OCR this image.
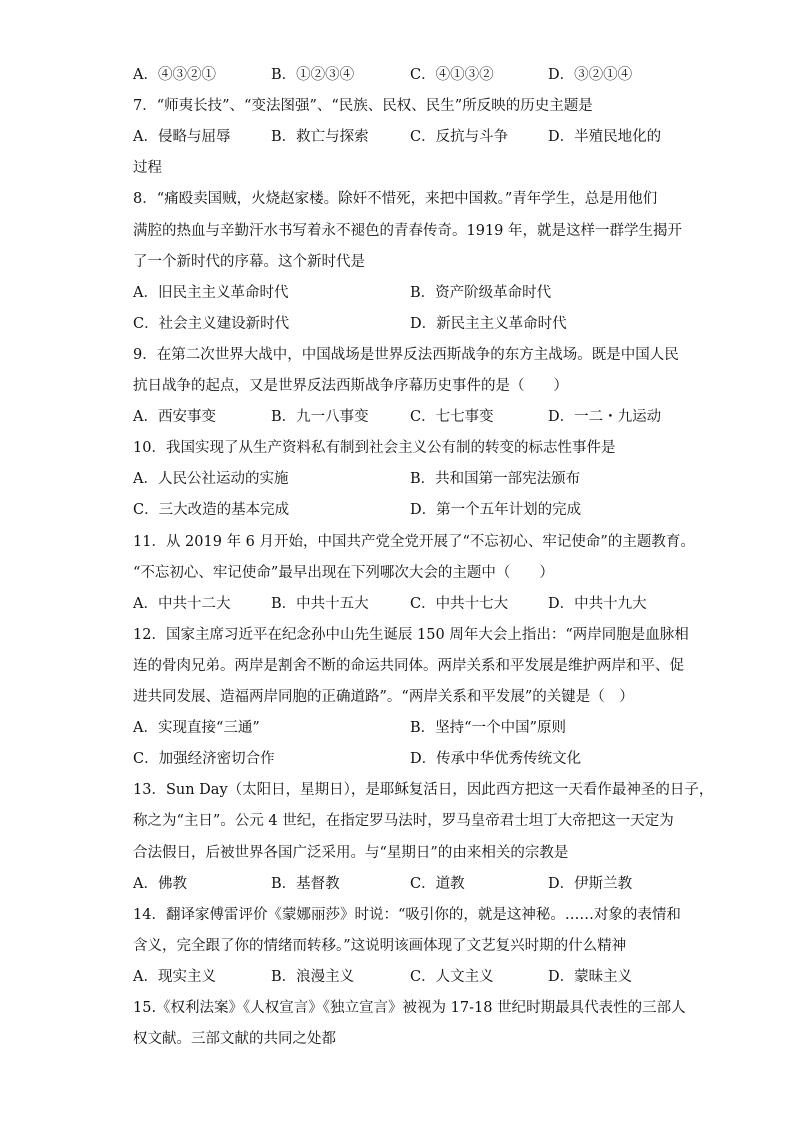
A．④③②①	B．①②③④	C．④①③②	D．③②①④
7．“师夷长技”、“变法图强”、“民族、民权、民生”所反映的历史主题是
A．侵略与屈辱	B．救亡与探索	C．反抗与斗争	D．半殖民地化的
过程
8．“痛殴卖国贼，火烧赵家楼。除奸不惜死，来把中国救。”青年学生，总是用他们
满腔的热血与辛勤汗水书写着永不褪色的青春传奇。1919 年，就是这样一群学生揭开
了一个新时代的序幕。这个新时代是
A．旧民主主义革命时代	B．资产阶级革命时代
C．社会主义建设新时代	D．新民主主义革命时代
9．在第二次世界大战中，中国战场是世界反法西斯战争的东方主战场。既是中国人民
抗日战争的起点，又是世界反法西斯战争序幕历史事件的是（　　）
A．西安事变	B．九一八事变	C．七七事变	D．一二・九运动
10．我国实现了从生产资料私有制到社会主义公有制的转变的标志性事件是
A．人民公社运动的实施	B．共和国第一部宪法颁布
C．三大改造的基本完成	D．第一个五年计划的完成
11．从 2019 年 6 月开始，中国共产党全党开展了“不忘初心、牢记使命”的主题教育。
“不忘初心、牢记使命”最早出现在下列哪次大会的主题中（　　）
A．中共十二大	B．中共十五大	C．中共十七大	D．中共十九大
12．国家主席习近平在纪念孙中山先生诞辰 150 周年大会上指出：“两岸同胞是血脉相
连的骨肉兄弟。两岸是割舍不断的命运共同体。两岸关系和平发展是维护两岸和平、促
进共同发展、造福两岸同胞的正确道路”。“两岸关系和平发展”的关键是（　）
A．实现直接“三通”	B．坚持“一个中国”原则
C．加强经济密切合作	D．传承中华优秀传统文化
13．Sun Day（太阳日，星期日），是耶稣复活日，因此西方把这一天看作最神圣的日子，
称之为“主日”。公元 4 世纪，在指定罗马法时，罗马皇帝君士坦丁大帝把这一天定为
合法假日，后被世界各国广泛采用。与“星期日”的由来相关的宗教是
A．佛教	B．基督教	C．道教	D．伊斯兰教
14．翻译家傅雷评价《蒙娜丽莎》时说：“吸引你的，就是这神秘。……对象的表情和
含义，完全跟了你的情绪而转移。”这说明该画体现了文艺复兴时期的什么精神
A．现实主义	B．浪漫主义	C．人文主义	D．蒙昧主义
15.《权利法案》《人权宣言》《独立宣言》被视为 17-18 世纪时期最具代表性的三部人
权文献。三部文献的共同之处都
